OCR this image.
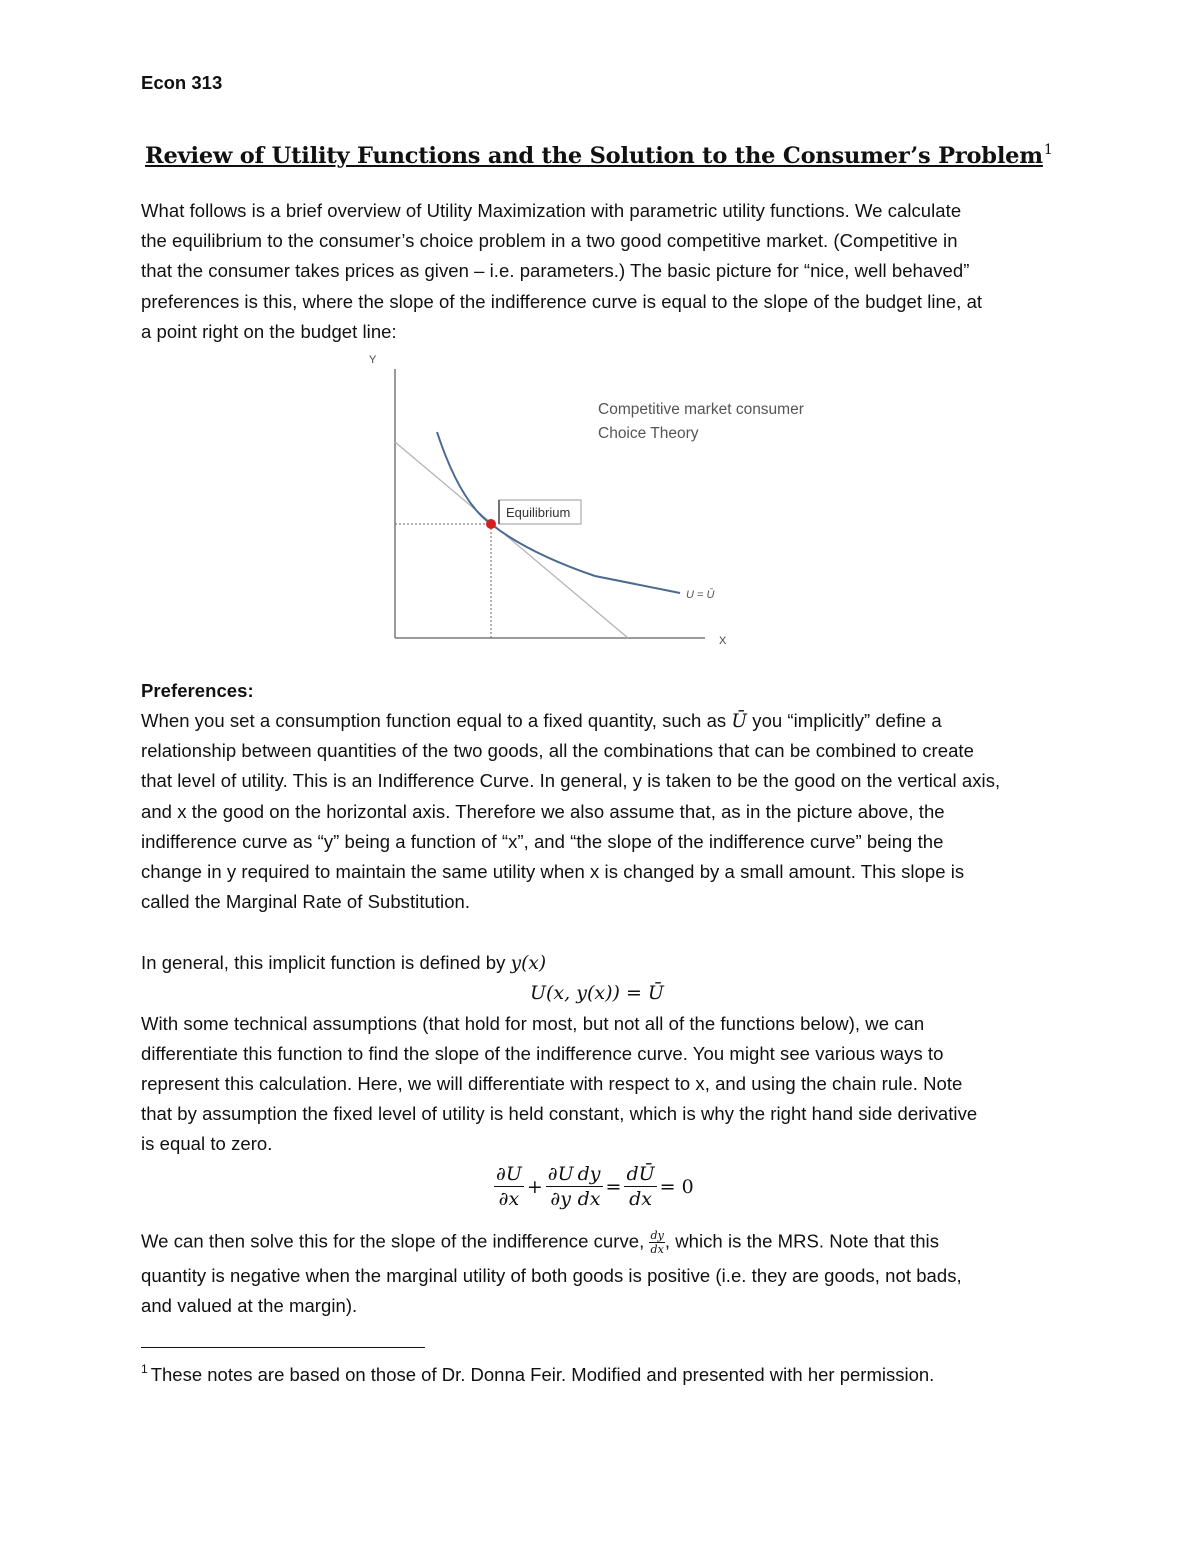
Econ 313
Review of Utility Functions and the Solution to the Consumer’s Problem$^1$
What follows is a brief overview of Utility Maximization with parametric utility functions. We calculate
the equilibrium to the consumer’s choice problem in a two good competitive market. (Competitive in
that the consumer takes prices as given – i.e. parameters.) The basic picture for “nice, well behaved”
preferences is this, where the slope of the indifference curve is equal to the slope of the budget line, at
a point right on the budget line:
Y
X
Equilibrium
Competitive market consumer
Choice Theory
U = Ū
Preferences:
When you set a consumption function equal to a fixed quantity, such as Ū you “implicitly” define a
relationship between quantities of the two goods, all the combinations that can be combined to create
that level of utility. This is an Indifference Curve. In general, y is taken to be the good on the vertical axis,
and x the good on the horizontal axis. Therefore we also assume that, as in the picture above, the
indifference curve as “y” being a function of “x”, and “the slope of the indifference curve” being the
change in y required to maintain the same utility when x is changed by a small amount. This slope is
called the Marginal Rate of Substitution.
In general, this implicit function is defined by y(x)
U(x, y(x)) = Ū
With some technical assumptions (that hold for most, but not all of the functions below), we can
differentiate this function to find the slope of the indifference curve. You might see various ways to
represent this calculation. Here, we will differentiate with respect to x, and using the chain rule. Note
that by assumption the fixed level of utility is held constant, which is why the right hand side derivative
is equal to zero.
$\frac{\partial U}{\partial x} + \frac{\partial U}{\partial y} \frac{dy}{dx} = \frac{dŪ}{dx} = 0$
We can then solve this for the slope of the indifference curve, $\frac{dy}{dx}$ , which is the MRS. Note that this
quantity is negative when the marginal utility of both goods is positive (i.e. they are goods, not bads,
and valued at the margin).
$^1$ These notes are based on those of Dr. Donna Feir. Modified and presented with her permission.
